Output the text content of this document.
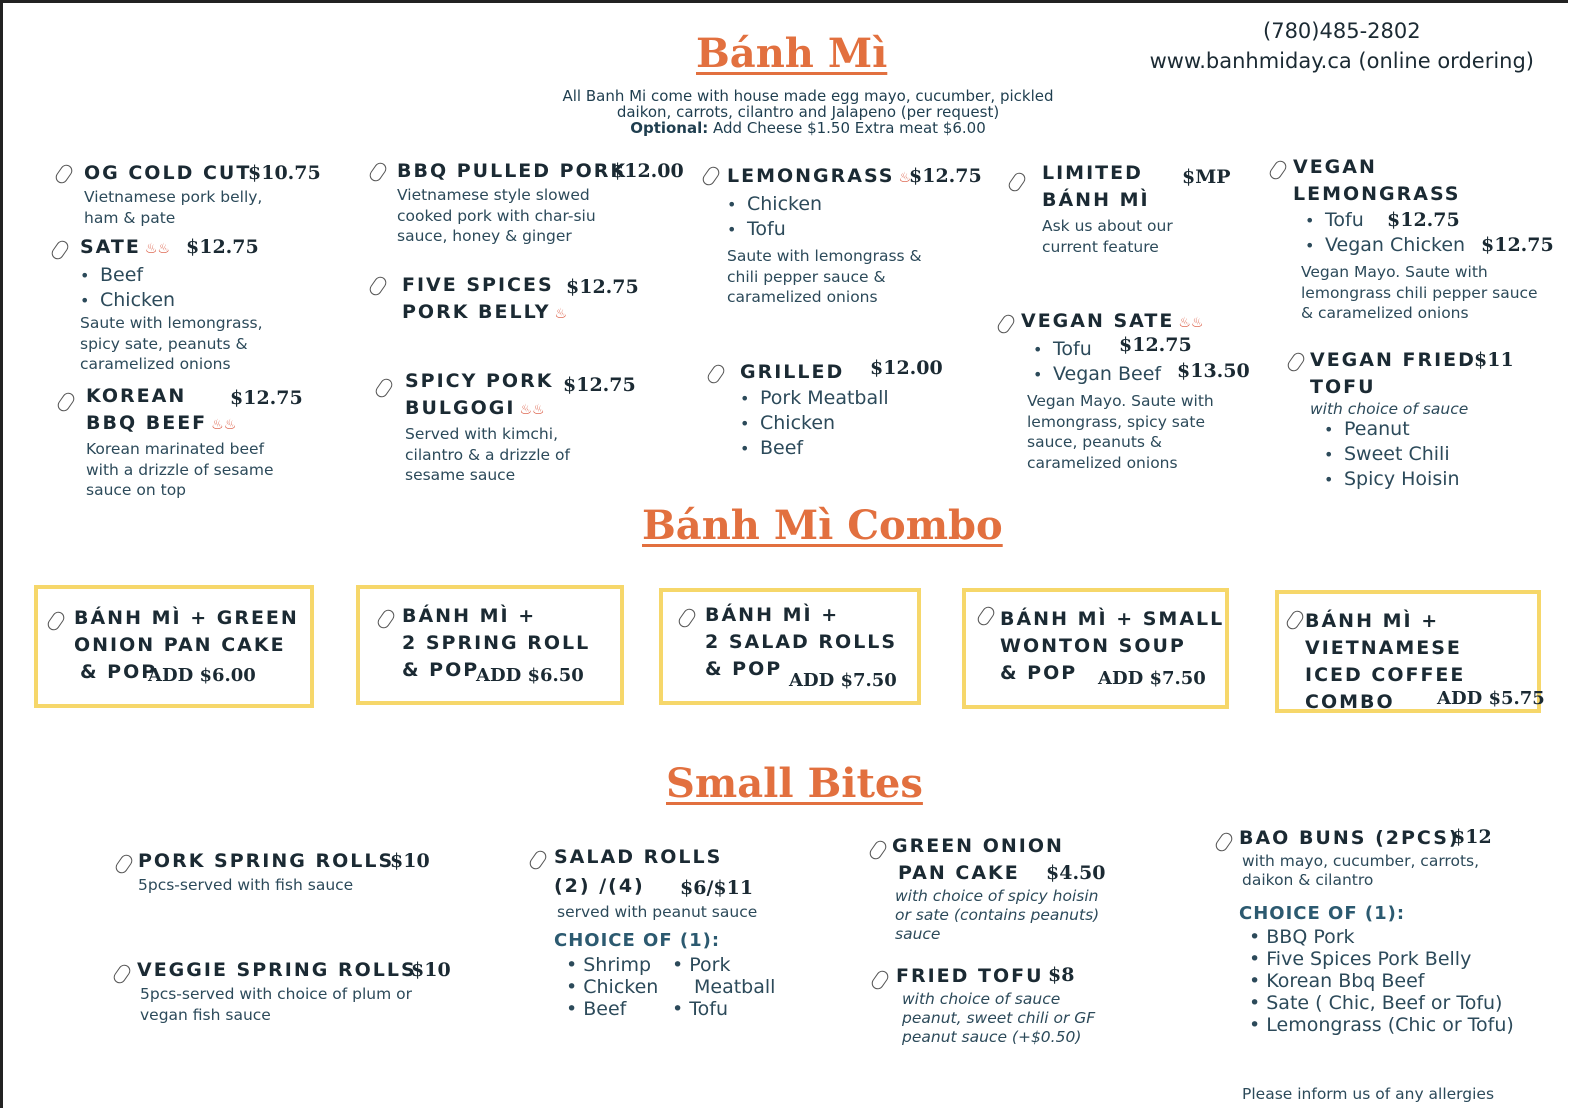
Bánh Mì
Bánh Mì Combo
Small Bites
(780)485-2802
www.banhmiday.ca (online ordering)
All Banh Mi come with house made egg mayo, cucumber, pickled
daikon, carrots, cilantro and Jalapeno (per request)
Optional: Add Cheese $1.50 Extra meat $6.00
OG COLD CUT
$10.75
Vietnamese pork belly,
ham & pate
SATE ♨♨ $12.75
• Beef
• Chicken
Saute with lemongrass,
spicy sate, peanuts &
caramelized onions
KOREAN
BBQ BEEF ♨♨
$12.75
Korean marinated beef
with a drizzle of sesame
sauce on top
BBQ PULLED PORK
$12.00
Vietnamese style slowed
cooked pork with char-siu
sauce, honey & ginger
FIVE SPICES
PORK BELLY ♨
$12.75
SPICY PORK
BULGOGI ♨♨
$12.75
Served with kimchi,
cilantro & a drizzle of
sesame sauce
LEMONGRASS ♨
$12.75
• Chicken
• Tofu
Saute with lemongrass &
chili pepper sauce &
caramelized onions
GRILLED	$12.00
• Pork Meatball
• Chicken
• Beef
LIMITED
BÁNH MÌ
$MP
Ask us about our
current feature
VEGAN SATE ♨♨
• Tofu
• Vegan Beef
$12.75
$13.50
Vegan Mayo. Saute with
lemongrass, spicy sate
sauce, peanuts &
caramelized onions
VEGAN
LEMONGRASS
• Tofu
• Vegan Chicken
$12.75
$12.75
Vegan Mayo. Saute with
lemongrass chili pepper sauce
& caramelized onions
VEGAN FRIED
TOFU
$11
with choice of sauce
• Peanut
• Sweet Chili
• Spicy Hoisin
BÁNH MÌ + GREEN
ONION PAN CAKE
& POP
ADD $6.00
BÁNH MÌ +
2 SPRING ROLL
& POP
ADD $6.50
BÁNH MÌ +
2 SALAD ROLLS
& POP
ADD $7.50
BÁNH MÌ + SMALL
WONTON SOUP
& POP	ADD $7.50
BÁNH MÌ +
VIETNAMESE
ICED COFFEE
COMBO	ADD $5.75
PORK SPRING ROLLS
$10
5pcs-served with fish sauce
VEGGIE SPRING ROLLS
$10
5pcs-served with choice of plum or
vegan fish sauce
SALAD ROLLS
(2) /(4)	$6/$11
served with peanut sauce
CHOICE OF (1):
• Shrimp
• Chicken
• Beef
• Pork
Meatball
• Tofu
GREEN ONION
PAN CAKE	$4.50
with choice of spicy hoisin
or sate (contains peanuts)
sauce
FRIED TOFU $8
with choice of sauce
peanut, sweet chili or GF
peanut sauce (+$0.50)
BAO BUNS (2PCS)
$12
with mayo, cucumber, carrots,
daikon & cilantro
CHOICE OF (1):
• BBQ Pork
• Five Spices Pork Belly
• Korean Bbq Beef
• Sate ( Chic, Beef or Tofu)
• Lemongrass (Chic or Tofu)
Please inform us of any allergies
